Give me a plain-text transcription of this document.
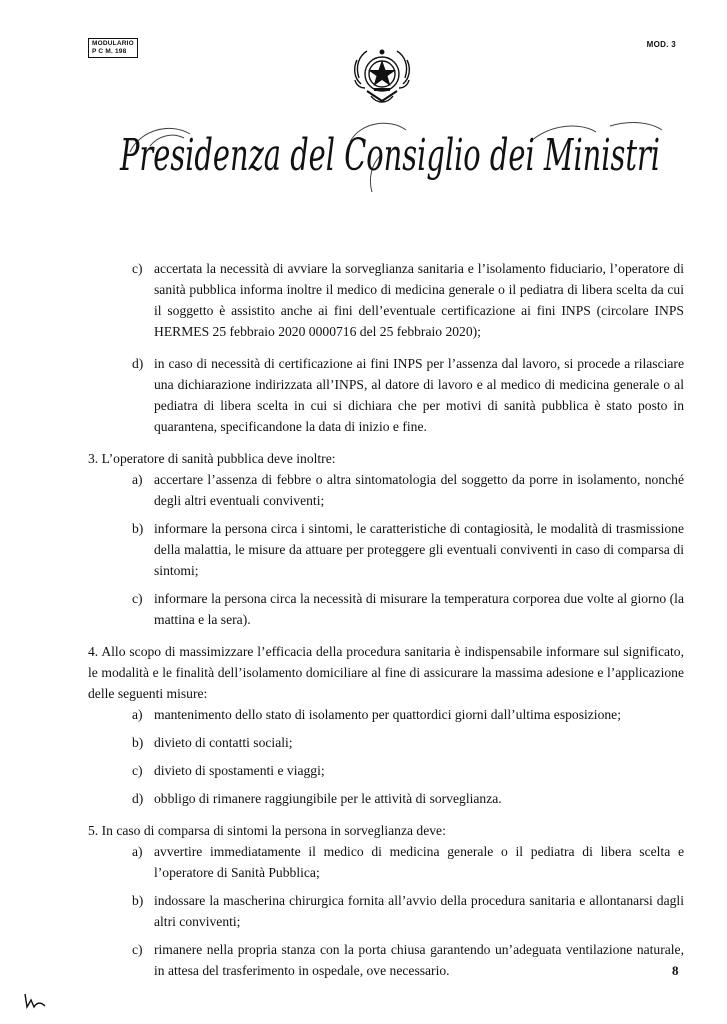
MODULARIO
P C M. 198
MOD. 3
Presidenza del Consiglio dei Ministri
c) accertata la necessità di avviare la sorveglianza sanitaria e l’isolamento fiduciario, l’operatore di sanità pubblica informa inoltre il medico di medicina generale o il pediatra di libera scelta da cui il soggetto è assistito anche ai fini dell’eventuale certificazione ai fini INPS (circolare INPS HERMES 25 febbraio 2020 0000716 del 25 febbraio 2020);
d) in caso di necessità di certificazione ai fini INPS per l’assenza dal lavoro, si procede a rilasciare una dichiarazione indirizzata all’INPS, al datore di lavoro e al medico di medicina generale o al pediatra di libera scelta in cui si dichiara che per motivi di sanità pubblica è stato posto in quarantena, specificandone la data di inizio e fine.
3. L’operatore di sanità pubblica deve inoltre:
a) accertare l’assenza di febbre o altra sintomatologia del soggetto da porre in isolamento, nonché degli altri eventuali conviventi;
b) informare la persona circa i sintomi, le caratteristiche di contagiosità, le modalità di trasmissione della malattia, le misure da attuare per proteggere gli eventuali conviventi in caso di comparsa di sintomi;
c) informare la persona circa la necessità di misurare la temperatura corporea due volte al giorno (la mattina e la sera).
4. Allo scopo di massimizzare l’efficacia della procedura sanitaria è indispensabile informare sul significato, le modalità e le finalità dell’isolamento domiciliare al fine di assicurare la massima adesione e l’applicazione delle seguenti misure:
a) mantenimento dello stato di isolamento per quattordici giorni dall’ultima esposizione;
b) divieto di contatti sociali;
c) divieto di spostamenti e viaggi;
d) obbligo di rimanere raggiungibile per le attività di sorveglianza.
5. In caso di comparsa di sintomi la persona in sorveglianza deve:
a) avvertire immediatamente il medico di medicina generale o il pediatra di libera scelta e l’operatore di Sanità Pubblica;
b) indossare la mascherina chirurgica fornita all’avvio della procedura sanitaria e allontanarsi dagli altri conviventi;
c) rimanere nella propria stanza con la porta chiusa garantendo un’adeguata ventilazione naturale, in attesa del trasferimento in ospedale, ove necessario.	8
